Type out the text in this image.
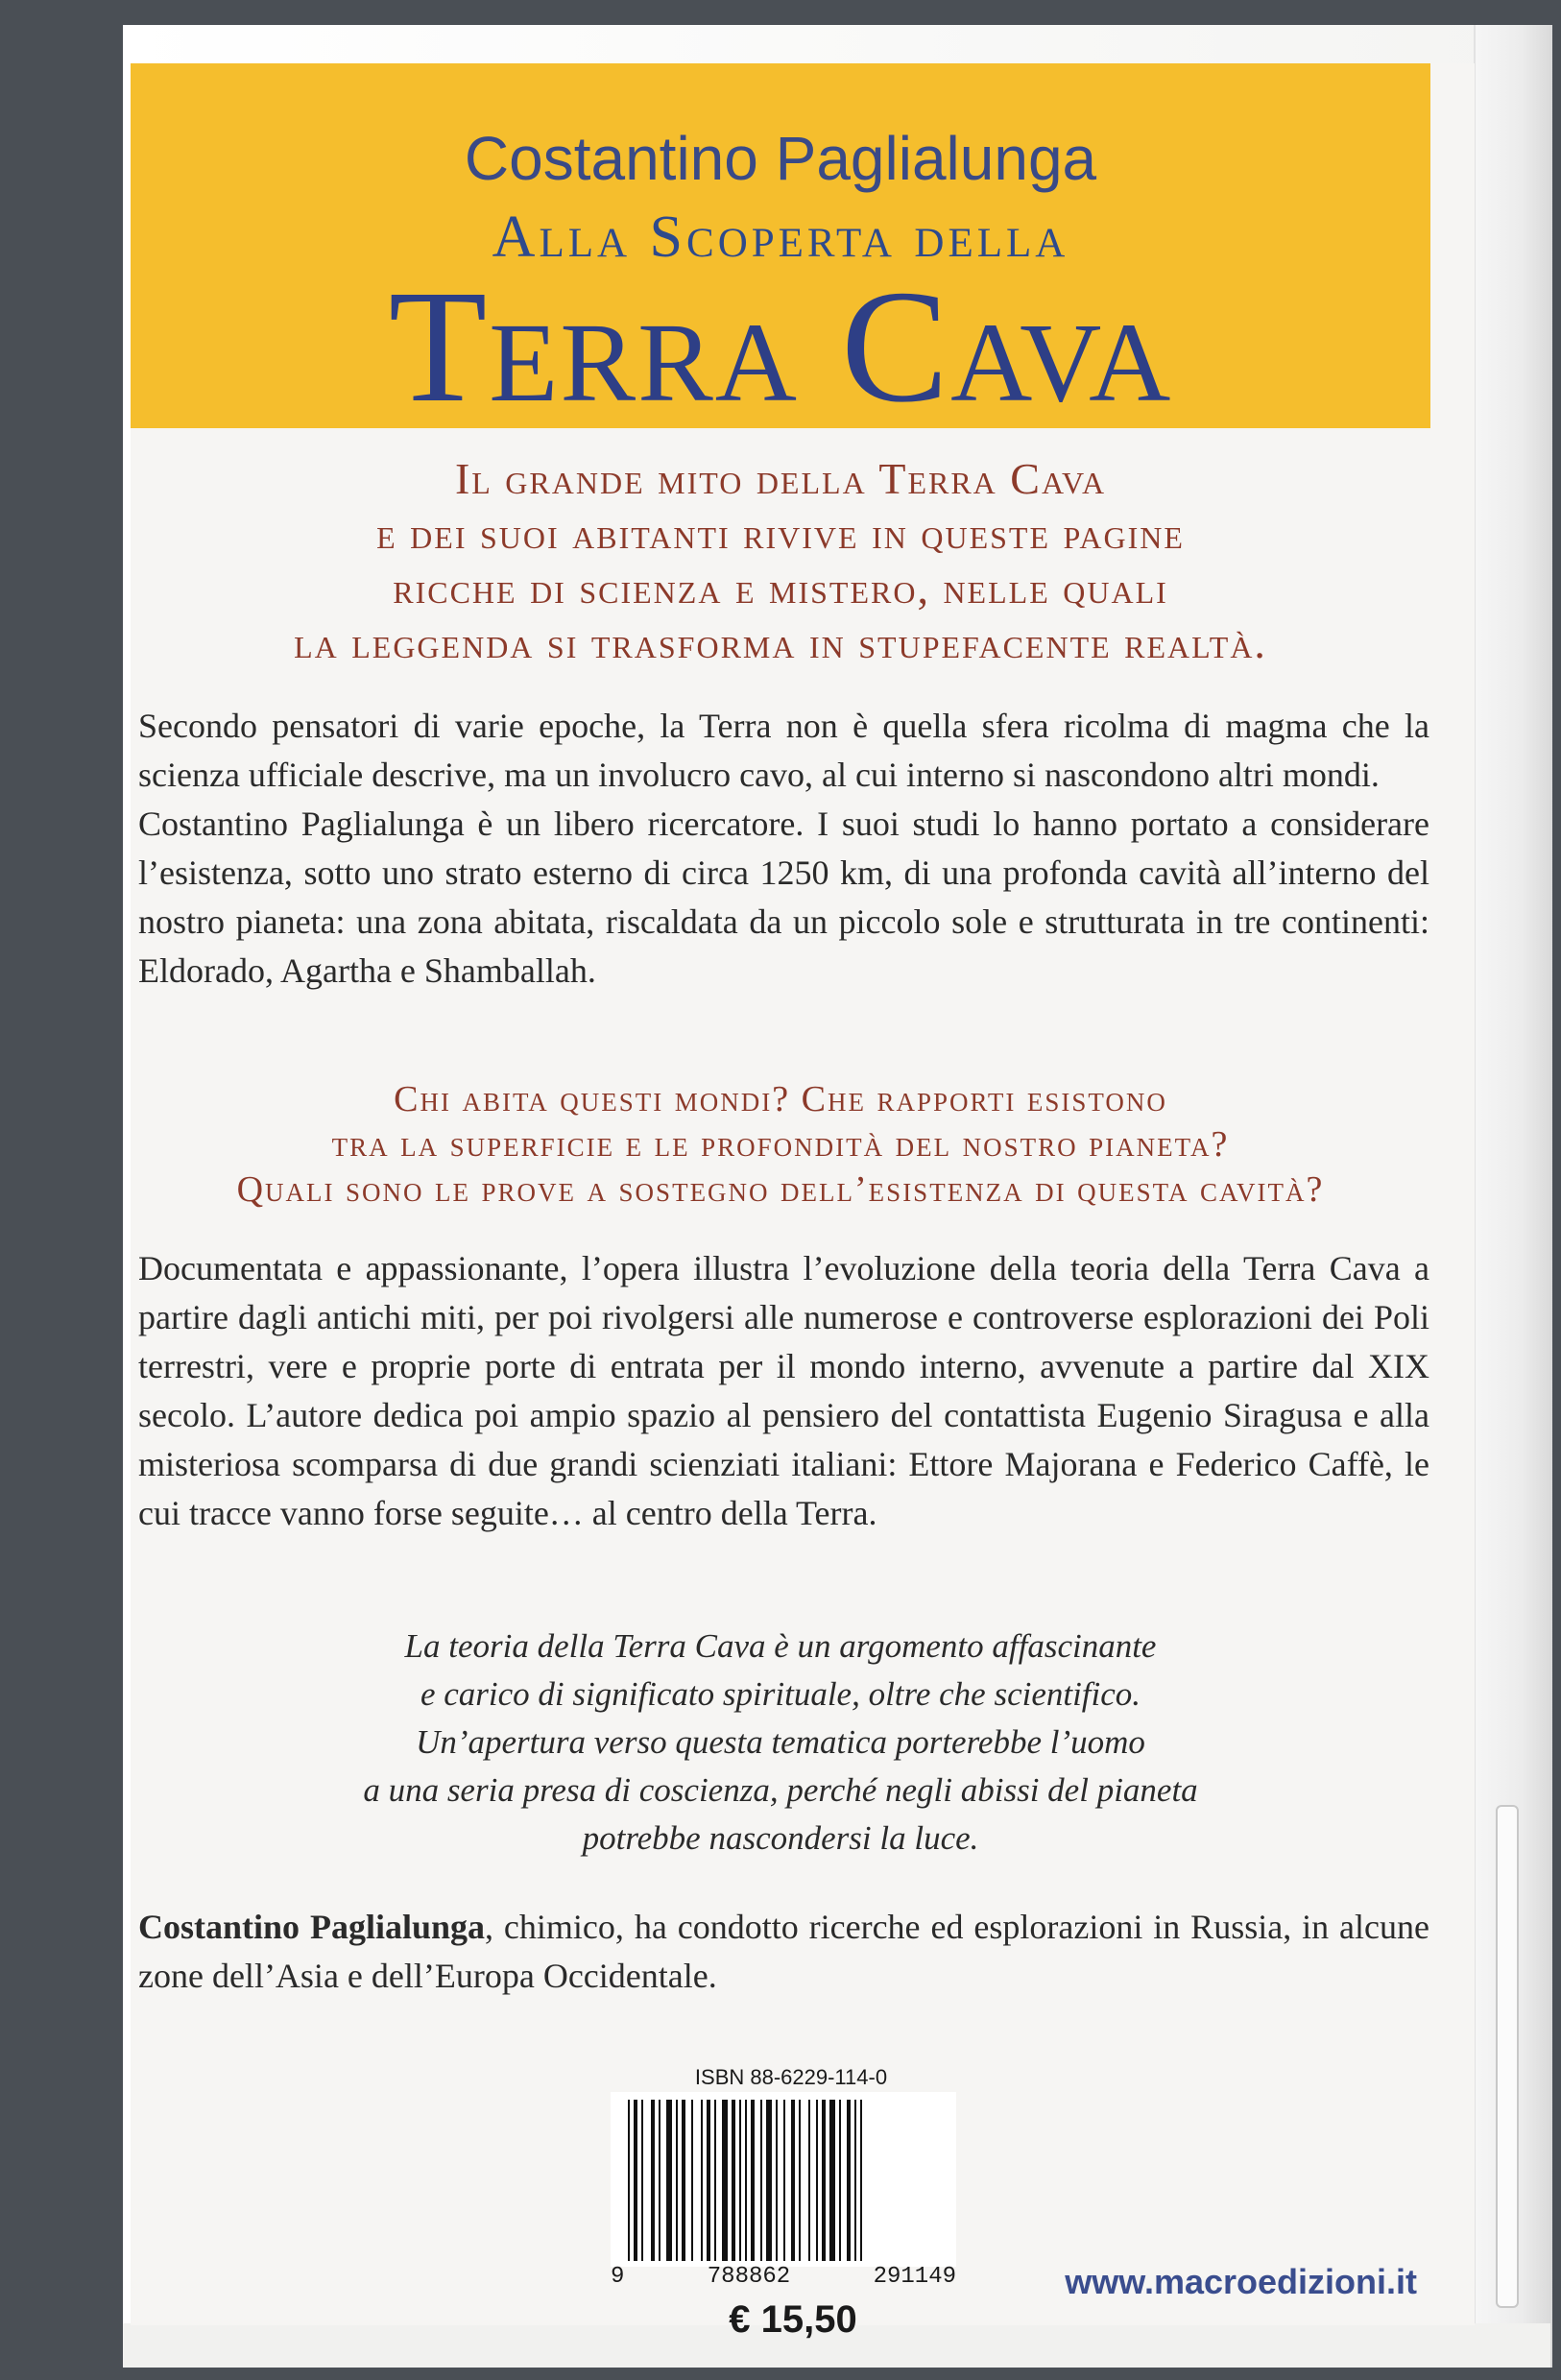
Costantino Paglialunga
Alla Scoperta della
Terra Cava
Il grande mito della Terra Cava
e dei suoi abitanti rivive in queste pagine
ricche di scienza e mistero, nelle quali
la leggenda si trasforma in stupefacente realtà.

Secondo pensatori di varie epoche, la Terra non è quella sfera ricolma di magma che la scienza ufficiale descrive, ma un involucro cavo, al cui interno si nascondono altri mondi.

Costantino Paglialunga è un libero ricercatore. I suoi studi lo hanno portato a considerare l’esistenza, sotto uno strato esterno di circa 1250 km, di una profonda cavità all’interno del nostro pianeta: una zona abitata, riscaldata da un piccolo sole e strutturata in tre continenti: Eldorado, Agartha e Shamballah.

Chi abita questi mondi? Che rapporti esistono
tra la superficie e le profondità del nostro pianeta?
Quali sono le prove a sostegno dell’esistenza di questa cavità?

Documentata e appassionante, l’opera illustra l’evoluzione della teoria della Terra Cava a partire dagli antichi miti, per poi rivolgersi alle numerose e controverse esplorazioni dei Poli terrestri, vere e proprie porte di entrata per il mondo interno, avvenute a partire dal XIX secolo. L’autore dedica poi ampio spazio al pensiero del contattista Eugenio Siragusa e alla misteriosa scomparsa di due grandi scienziati italiani: Ettore Majorana e Federico Caffè, le cui tracce vanno forse seguite… al centro della Terra.

La teoria della Terra Cava è un argomento affascinante
e carico di significato spirituale, oltre che scientifico.
Un’apertura verso questa tematica porterebbe l’uomo
a una seria presa di coscienza, perché negli abissi del pianeta
potrebbe nascondersi la luce.
Costantino Paglialunga, chimico, ha condotto ricerche ed esplorazioni in Russia, in alcune zone dell’Asia e dell’Europa Occidentale.
ISBN 88-6229-114-0
9	788862	291149
€ 15,50
www.macroedizioni.it
